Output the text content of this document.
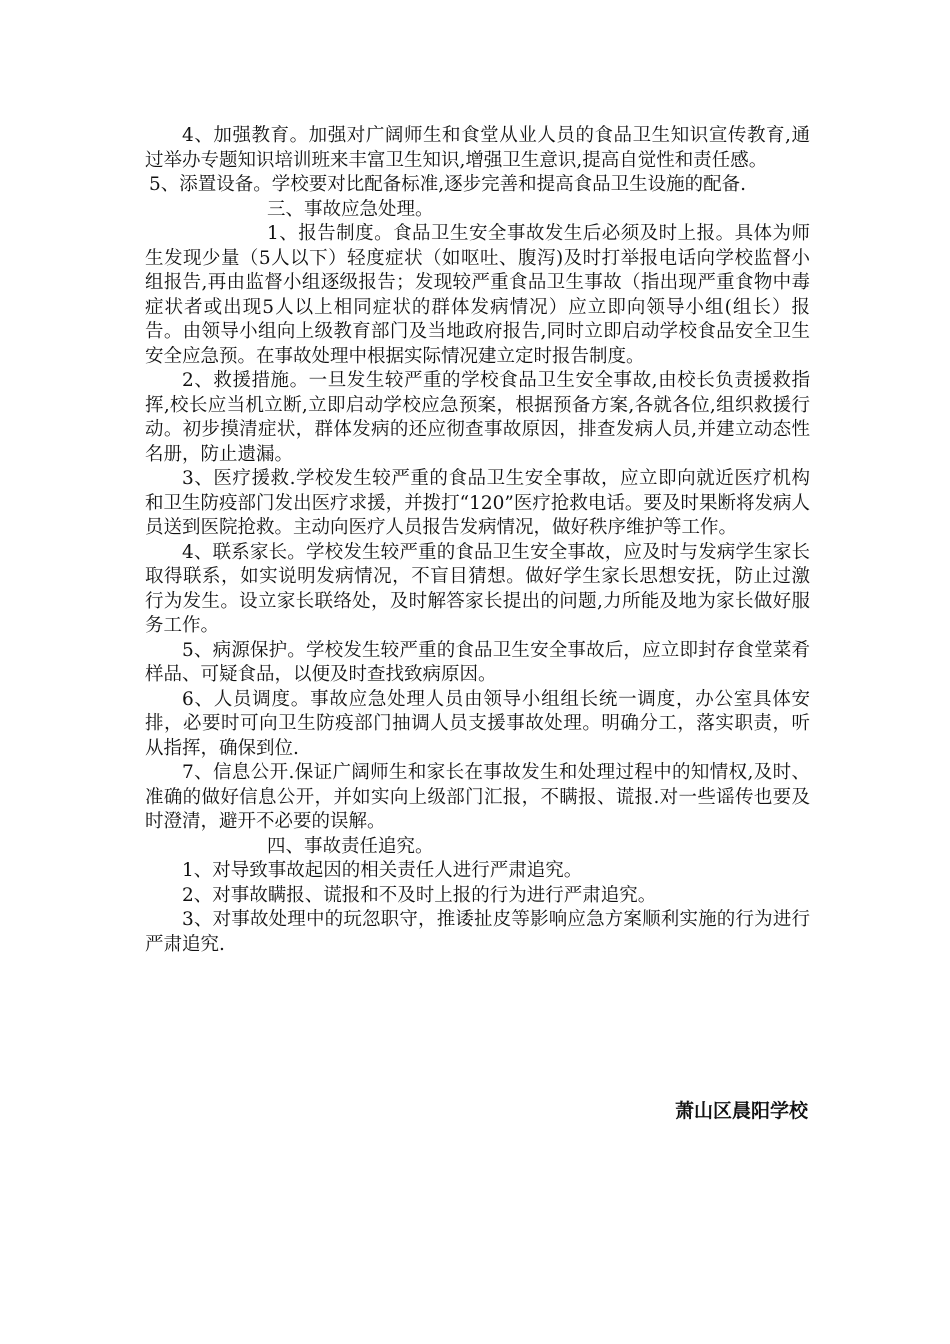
4、加强教育。加强对广阔师生和食堂从业人员的食品卫生知识宣传教育,通过举办专题知识培训班来丰富卫生知识,增强卫生意识,提高自觉性和责任感。

5、添置设备。学校要对比配备标准,逐步完善和提高食品卫生设施的配备.

三、事故应急处理。

1、报告制度。食品卫生安全事故发生后必须及时上报。具体为师生发现少量（5人以下）轻度症状（如呕吐、腹泻)及时打举报电话向学校监督小组报告,再由监督小组逐级报告；发现较严重食品卫生事故（指出现严重食物中毒症状者或出现5人以上相同症状的群体发病情况）应立即向领导小组(组长）报告。由领导小组向上级教育部门及当地政府报告,同时立即启动学校食品安全卫生安全应急预。在事故处理中根据实际情况建立定时报告制度。

2、救援措施。一旦发生较严重的学校食品卫生安全事故,由校长负责援救指挥,校长应当机立断,立即启动学校应急预案，根据预备方案,各就各位,组织救援行动。初步摸清症状，群体发病的还应彻查事故原因，排查发病人员,并建立动态性名册，防止遗漏。

3、医疗援救.学校发生较严重的食品卫生安全事故，应立即向就近医疗机构和卫生防疫部门发出医疗求援，并拨打“120”医疗抢救电话。要及时果断将发病人员送到医院抢救。主动向医疗人员报告发病情况，做好秩序维护等工作。

4、联系家长。学校发生较严重的食品卫生安全事故，应及时与发病学生家长取得联系，如实说明发病情况，不盲目猜想。做好学生家长思想安抚，防止过激行为发生。设立家长联络处，及时解答家长提出的问题,力所能及地为家长做好服务工作。

5、病源保护。学校发生较严重的食品卫生安全事故后，应立即封存食堂菜肴样品、可疑食品，以便及时查找致病原因。

6、人员调度。事故应急处理人员由领导小组组长统一调度，办公室具体安排，必要时可向卫生防疫部门抽调人员支援事故处理。明确分工，落实职责，听从指挥，确保到位.

7、信息公开.保证广阔师生和家长在事故发生和处理过程中的知情权,及时、准确的做好信息公开，并如实向上级部门汇报，不瞒报、谎报.对一些谣传也要及时澄清，避开不必要的误解。

四、事故责任追究。

1、对导致事故起因的相关责任人进行严肃追究。

2、对事故瞒报、谎报和不及时上报的行为进行严肃追究。

3、对事故处理中的玩忽职守，推诿扯皮等影响应急方案顺利实施的行为进行严肃追究.

萧山区晨阳学校
